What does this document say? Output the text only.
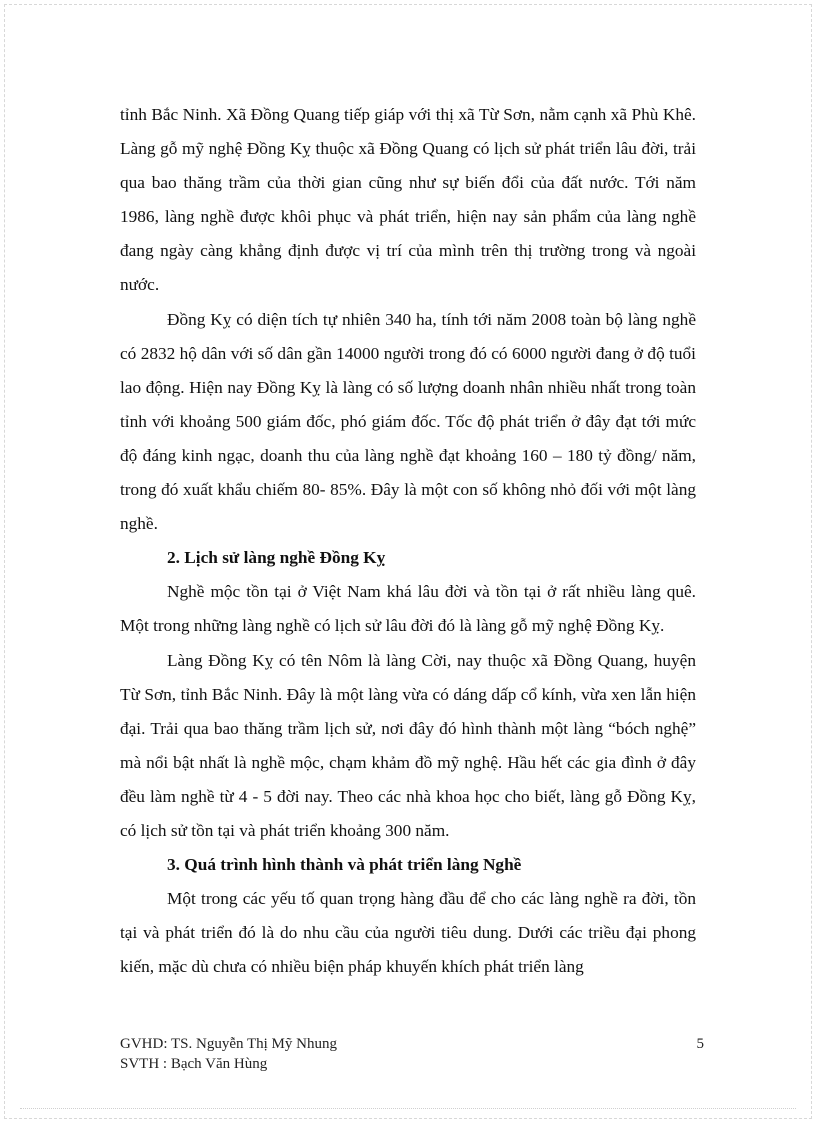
tỉnh Bắc Ninh. Xã Đồng Quang tiếp giáp với thị xã Từ Sơn, nằm cạnh xã Phù Khê. Làng gỗ mỹ nghệ Đồng Kỵ thuộc xã Đồng Quang có lịch sử phát triển lâu đời, trải qua bao thăng trầm của thời gian cũng như sự biến đổi của đất nước. Tới năm 1986, làng nghề được khôi phục và phát triển, hiện nay sản phẩm của làng nghề đang ngày càng khẳng định được vị trí của mình trên thị trường trong và ngoài nước.

Đồng Kỵ có diện tích tự nhiên 340 ha, tính tới năm 2008 toàn bộ làng nghề có 2832 hộ dân với số dân gần 14000 người trong đó có 6000 người đang ở độ tuổi lao động. Hiện nay Đồng Kỵ là làng có số lượng doanh nhân nhiều nhất trong toàn tỉnh với khoảng 500 giám đốc, phó giám đốc. Tốc độ phát triển ở đây đạt tới mức độ đáng kinh ngạc, doanh thu của làng nghề đạt khoảng 160 – 180 tỷ đồng/ năm, trong đó xuất khẩu chiếm 80- 85%. Đây là một con số không nhỏ đối với một làng nghề.

2. Lịch sử làng nghề Đồng Kỵ

Nghề mộc tồn tại ở Việt Nam khá lâu đời và tồn tại ở rất nhiều làng quê. Một trong những làng nghề có lịch sử lâu đời đó là làng gỗ mỹ nghệ Đồng Kỵ.

Làng Đồng Kỵ có tên Nôm là làng Cời, nay thuộc xã Đồng Quang, huyện Từ Sơn, tỉnh Bắc Ninh. Đây là một làng vừa có dáng dấp cổ kính, vừa xen lẫn hiện đại. Trải qua bao thăng trầm lịch sử, nơi đây đó hình thành một làng “bóch nghệ” mà nổi bật nhất là nghề mộc, chạm khảm đồ mỹ nghệ. Hầu hết các gia đình ở đây đều làm nghề từ 4 - 5 đời nay. Theo các nhà khoa học cho biết, làng gỗ Đồng Kỵ, có lịch sử tồn tại và phát triển khoảng 300 năm.

3. Quá trình hình thành và phát triển làng Nghề

Một trong các yếu tố quan trọng hàng đầu để cho các làng nghề ra đời, tồn tại và phát triển đó là do nhu cầu của người tiêu dung. Dưới các triều đại phong kiến, mặc dù chưa có nhiều biện pháp khuyến khích phát triển làng

GVHD: TS. Nguyễn Thị Mỹ Nhung	5
SVTH : Bạch Văn Hùng
